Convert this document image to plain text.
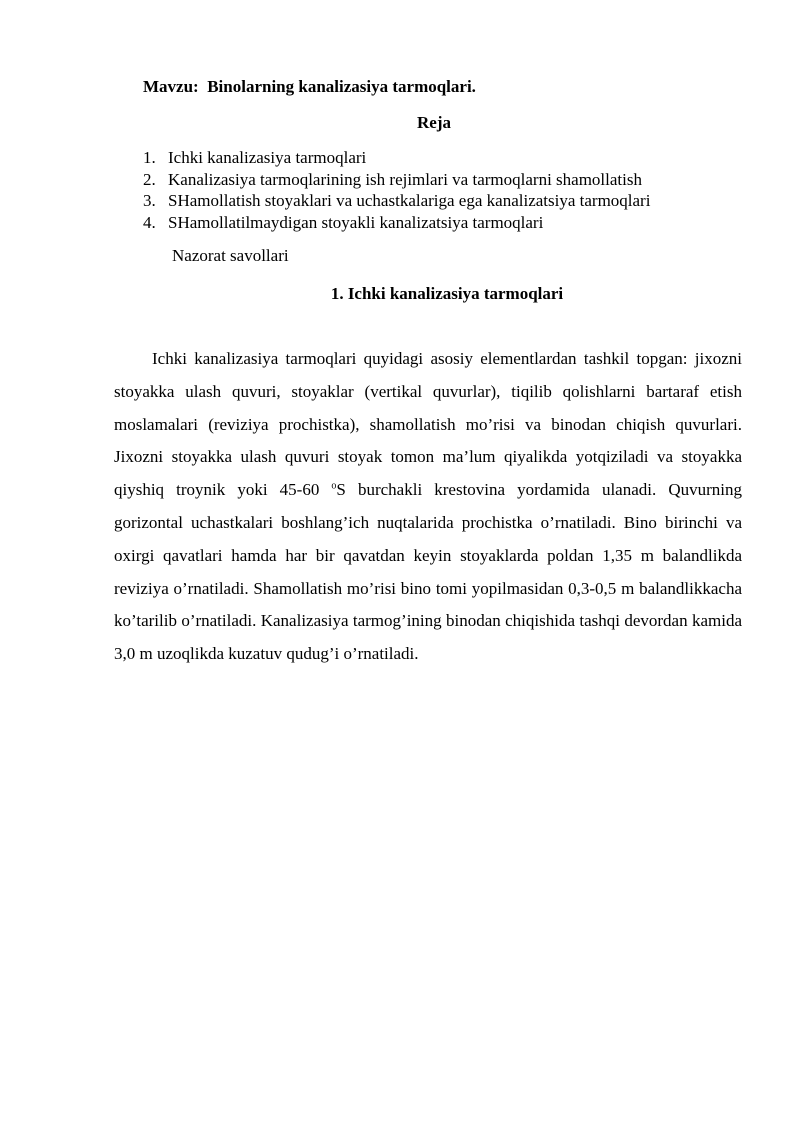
Mavzu:  Binolarning kanalizasiya tarmoqlari.
Reja
1. Ichki kanalizasiya tarmoqlari
2. Kanalizasiya tarmoqlarining ish rejimlari va tarmoqlarni shamollatish
3. SHamollatish stoyaklari va uchastkalariga ega kanalizatsiya tarmoqlari
4. SHamollatilmaydigan stoyakli kanalizatsiya tarmoqlari
Nazorat savollari
1. Ichki kanalizasiya tarmoqlari

Ichki kanalizasiya tarmoqlari quyidagi asosiy elementlardan tashkil topgan: jixozni stoyakka ulash quvuri, stoyaklar (vertikal quvurlar), tiqilib qolishlarni bartaraf etish moslamalari (reviziya prochistka), shamollatish mo’risi va binodan chiqish quvurlari. Jixozni stoyakka ulash quvuri stoyak tomon ma’lum qiyalikda yotqiziladi va stoyakka qiyshiq troynik yoki 45-60 $^o$S burchakli krestovina yordamida ulanadi. Quvurning gorizontal uchastkalari boshlang’ich nuqtalarida prochistka o’rnatiladi. Bino birinchi va oxirgi qavatlari hamda har bir qavatdan keyin stoyaklarda poldan 1,35 m balandlikda reviziya o’rnatiladi. Shamollatish mo’risi bino tomi yopilmasidan 0,3-0,5 m balandlikkacha ko’tarilib o’rnatiladi. Kanalizasiya tarmog’ining binodan chiqishida tashqi devordan kamida 3,0 m uzoqlikda kuzatuv qudug’i o’rnatiladi.
